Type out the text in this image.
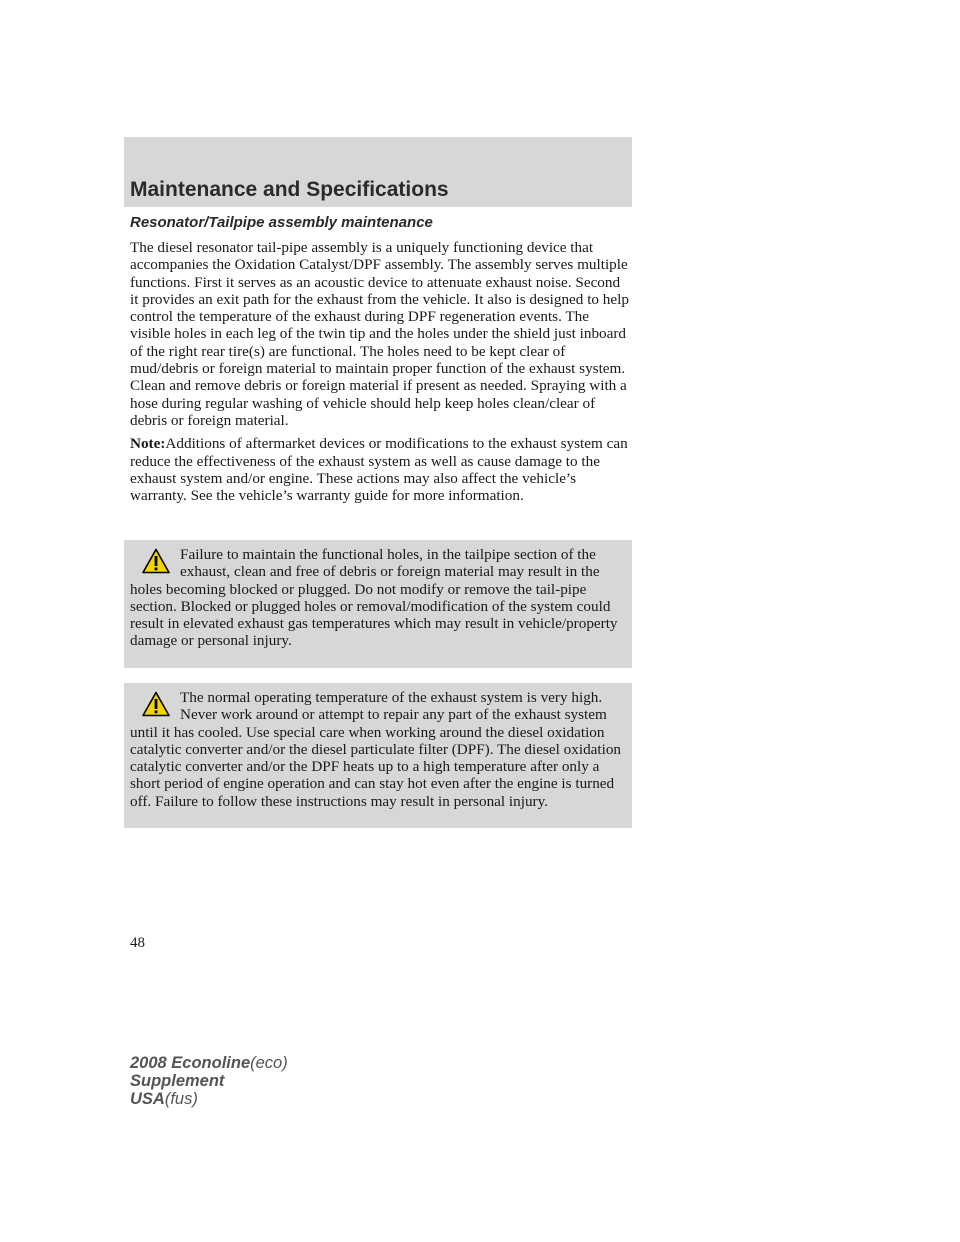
Maintenance and Specifications
Resonator/Tailpipe assembly maintenance

The diesel resonator tail-pipe assembly is a uniquely functioning device that accompanies the Oxidation Catalyst/DPF assembly. The assembly serves multiple functions. First it serves as an acoustic device to attenuate exhaust noise. Second it provides an exit path for the exhaust from the vehicle. It also is designed to help control the temperature of the exhaust during DPF regeneration events. The visible holes in each leg of the twin tip and the holes under the shield just inboard of the right rear tire(s) are functional. The holes need to be kept clear of mud/debris or foreign material to maintain proper function of the exhaust system. Clean and remove debris or foreign material if present as needed. Spraying with a hose during regular washing of vehicle should help keep holes clean/clear of debris or foreign material.

Note:Additions of aftermarket devices or modifications to the exhaust system can reduce the effectiveness of the exhaust system as well as cause damage to the exhaust system and/or engine. These actions may also affect the vehicle’s warranty. See the vehicle’s warranty guide for more information.

Failure to maintain the functional holes, in the tailpipe section of the exhaust, clean and free of debris or foreign material may result in the holes becoming blocked or plugged. Do not modify or remove the tail-pipe section. Blocked or plugged holes or removal/modification of the system could result in elevated exhaust gas temperatures which may result in vehicle/property damage or personal injury.
The normal operating temperature of the exhaust system is very high. Never work around or attempt to repair any part of the exhaust system until it has cooled. Use special care when working around the diesel oxidation catalytic converter and/or the diesel particulate filter (DPF). The diesel oxidation catalytic converter and/or the DPF heats up to a high temperature after only a short period of engine operation and can stay hot even after the engine is turned off. Failure to follow these instructions may result in personal injury.

48

2008 Econoline(eco)
Supplement
USA(fus)
